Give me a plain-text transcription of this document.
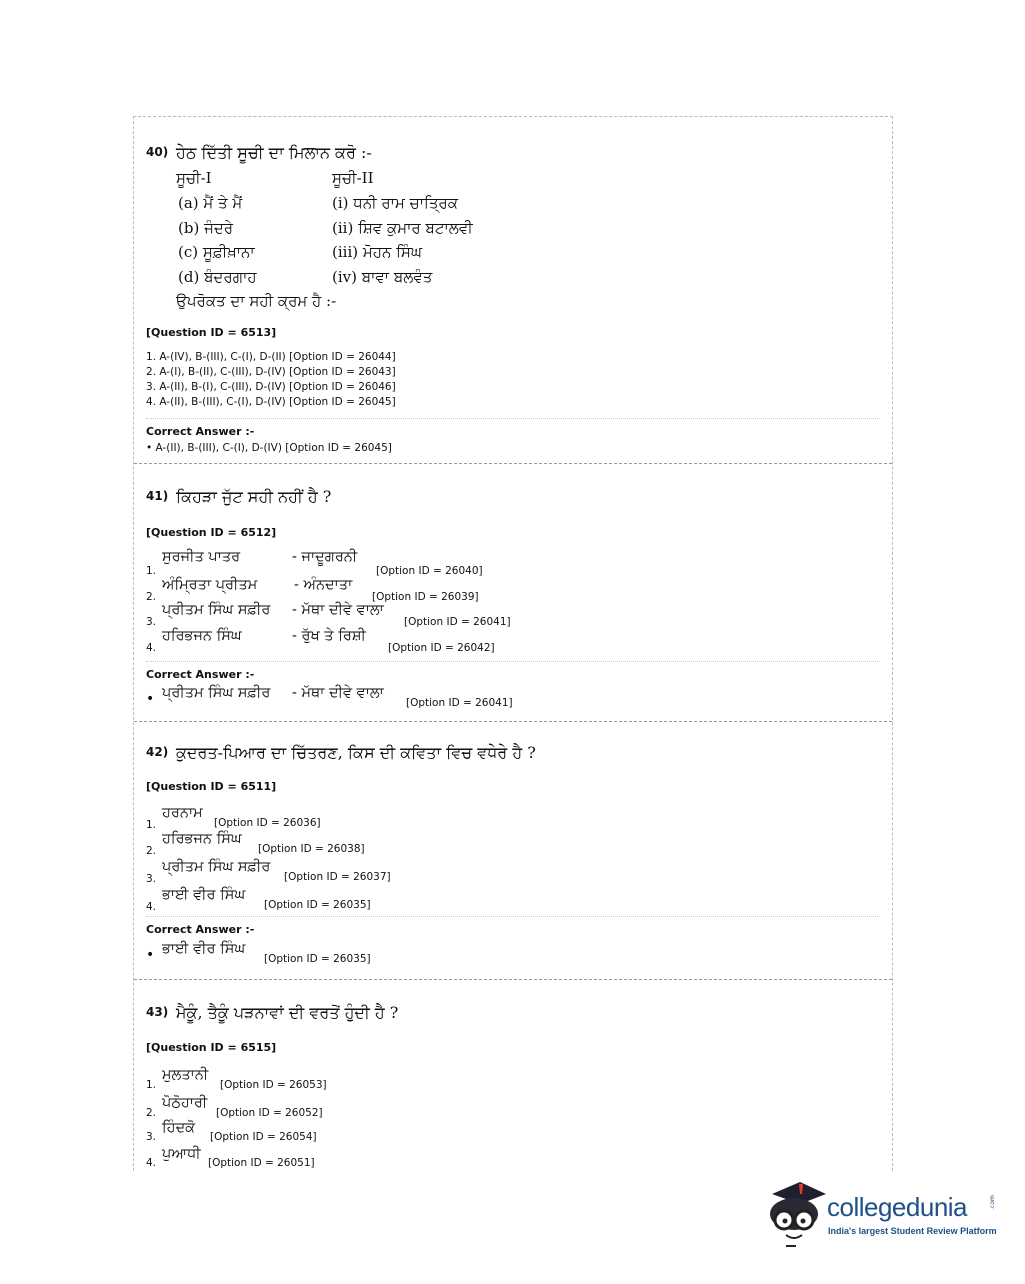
40) ਹੇਠ ਦਿੱਤੀ ਸੂਚੀ ਦਾ ਮਿਲਾਨ ਕਰੋ :-
ਸੂਚੀ-I	ਸੂਚੀ-II
(a) ਮੈਂ ਤੇ ਮੈਂ	(i) ਧਨੀ ਰਾਮ ਚਾਤ੍ਰਿਕ
(b) ਜੰਦਰੇ	(ii) ਸ਼ਿਵ ਕੁਮਾਰ ਬਟਾਲਵੀ
(c) ਸੂਫ਼ੀਖ਼ਾਨਾ	(iii) ਮੋਹਨ ਸਿੰਘ
(d) ਬੰਦਰਗਾਹ	(iv) ਬਾਵਾ ਬਲਵੰਤ
ਉਪਰੋਕਤ ਦਾ ਸਹੀ ਕ੍ਰਮ ਹੈ :-
[Question ID = 6513]
1. A-(IV), B-(III), C-(I), D-(II) [Option ID = 26044]
2. A-(I), B-(II), C-(III), D-(IV) [Option ID = 26043]
3. A-(II), B-(I), C-(III), D-(IV) [Option ID = 26046]
4. A-(II), B-(III), C-(I), D-(IV) [Option ID = 26045]
Correct Answer :-
• A-(II), B-(III), C-(I), D-(IV) [Option ID = 26045]
41) ਕਿਹੜਾ ਜੁੱਟ ਸਹੀ ਨਹੀਂ ਹੈ ?
[Question ID = 6512]
1.
ਸੁਰਜੀਤ ਪਾਤਰ	- ਜਾਦੂਗਰਨੀ
[Option ID = 26040]
2.
ਅੰਮ੍ਰਿਤਾ ਪ੍ਰੀਤਮ	- ਅੰਨਦਾਤਾ
[Option ID = 26039]
3.
ਪ੍ਰੀਤਮ ਸਿੰਘ ਸਫ਼ੀਰ - ਮੱਥਾ ਦੀਵੇ ਵਾਲਾ
[Option ID = 26041]
4.
ਹਰਿਭਜਨ ਸਿੰਘ	- ਰੁੱਖ ਤੇ ਰਿਸ਼ੀ
[Option ID = 26042]
Correct Answer :-
• ਪ੍ਰੀਤਮ ਸਿੰਘ ਸਫ਼ੀਰ - ਮੱਥਾ ਦੀਵੇ ਵਾਲਾ
[Option ID = 26041]
42) ਕੁਦਰਤ-ਪਿਆਰ ਦਾ ਚਿੱਤਰਣ, ਕਿਸ ਦੀ ਕਵਿਤਾ ਵਿਚ ਵਧੇਰੇ ਹੈ ?
[Question ID = 6511]
1.
ਹਰਨਾਮ
[Option ID = 26036]
2.
ਹਰਿਭਜਨ ਸਿੰਘ
[Option ID = 26038]
3.
ਪ੍ਰੀਤਮ ਸਿੰਘ ਸਫ਼ੀਰ
[Option ID = 26037]
4.
ਭਾਈ ਵੀਰ ਸਿੰਘ
[Option ID = 26035]
Correct Answer :-
• ਭਾਈ ਵੀਰ ਸਿੰਘ
[Option ID = 26035]
43) ਮੈਕੂੰ, ਤੈਕੂੰ ਪੜਨਾਵਾਂ ਦੀ ਵਰਤੋਂ ਹੁੰਦੀ ਹੈ ?
[Question ID = 6515]
1.
ਮੁਲਤਾਨੀ
[Option ID = 26053]
2.
ਪੋਠੋਹਾਰੀ
[Option ID = 26052]
3.
ਹਿੰਦਕੋ
[Option ID = 26054]
4.
ਪੁਆਧੀ
[Option ID = 26051]
collegedunia	.com
India's largest Student Review Platform
